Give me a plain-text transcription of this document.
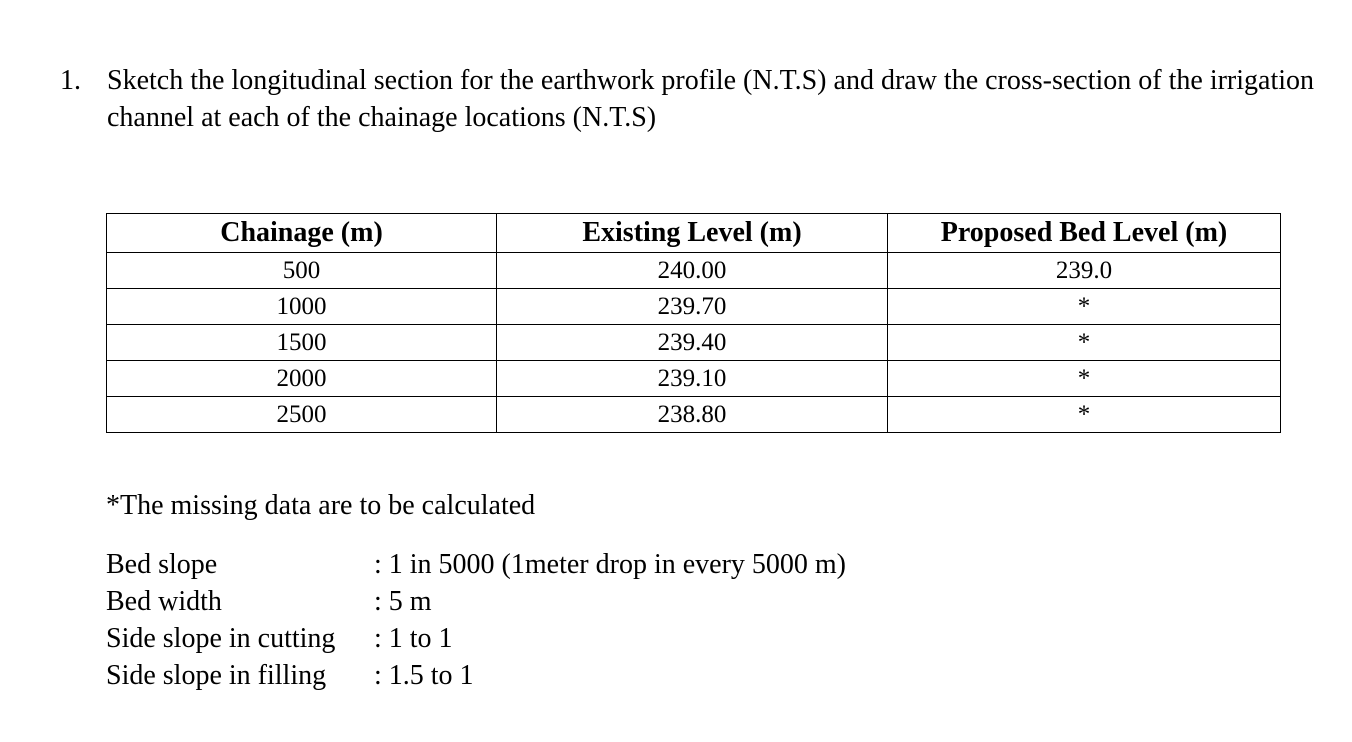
1. Sketch the longitudinal section for the earthwork profile (N.T.S) and draw the cross-section of the irrigation channel at each of the chainage locations (N.T.S)
Chainage (m)	Existing Level (m)	Proposed Bed Level (m)
500	240.00	239.0
1000	239.70	*
1500	239.40	*
2000	239.10	*
2500	238.80	*
*The missing data are to be calculated
Bed slope	: 1 in 5000 (1meter drop in every 5000 m)
Bed width	: 5 m
Side slope in cutting	: 1 to 1
Side slope in filling	: 1.5 to 1
